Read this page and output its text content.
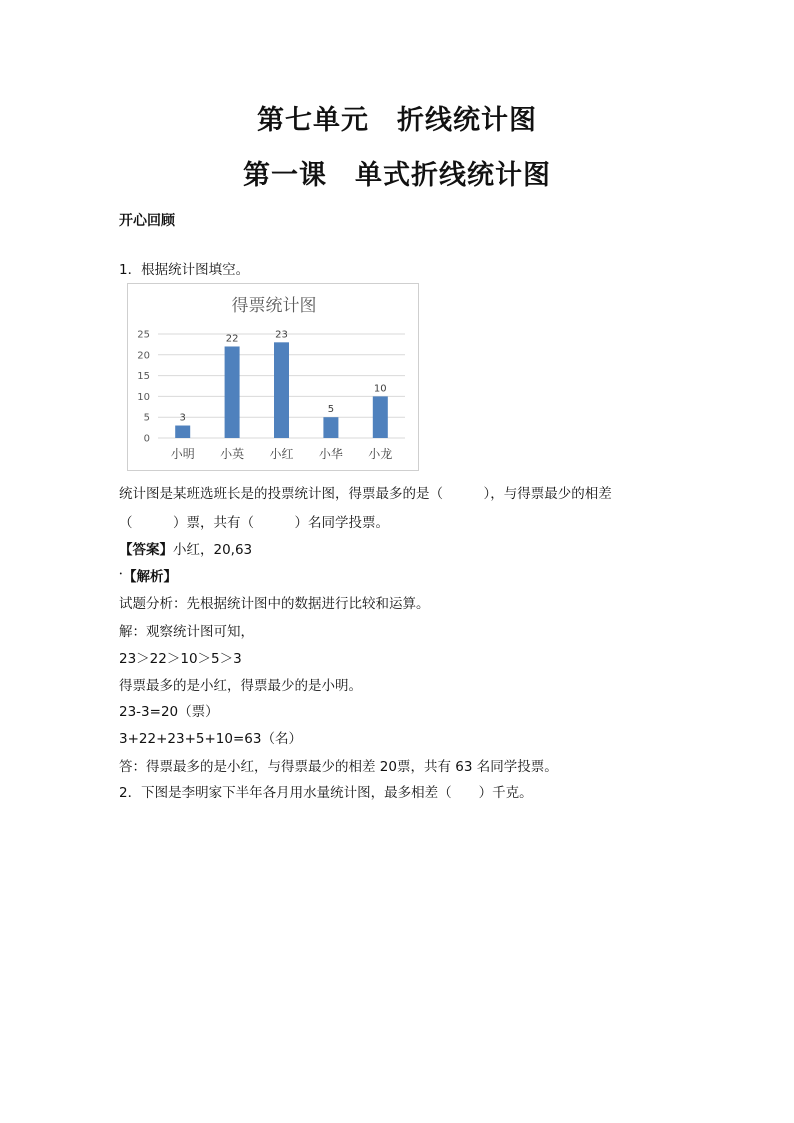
第七单元　折线统计图
第一课　单式折线统计图
开心回顾
1．根据统计图填空。
得票统计图
0
5
10
15
20
25
3
小明
22
小英
23
小红
5
小华
10
小龙
统计图是某班选班长是的投票统计图，得票最多的是（　　　），与得票最少的相差
（　　　）票，共有（　　　）名同学投票。
【答案】小红，20,63
• 【解析】
试题分析：先根据统计图中的数据进行比较和运算。
解：观察统计图可知，
23＞22＞10＞5＞3
得票最多的是小红，得票最少的是小明。
23-3=20（票）
3+22+23+5+10=63（名）
答：得票最多的是小红，与得票最少的相差 20票，共有 63 名同学投票。
2．下图是李明家下半年各月用水量统计图，最多相差（　　）千克。
